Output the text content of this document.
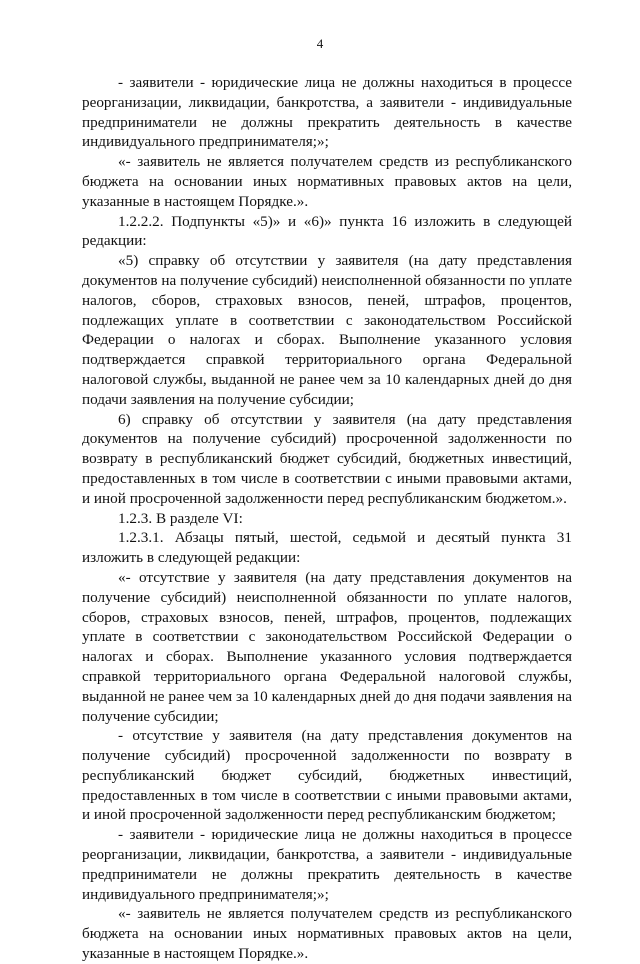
4

- заявители - юридические лица не должны находиться в процессе реорганизации, ликвидации, банкротства, а заявители - индивидуальные предприниматели не должны прекратить деятельность в качестве индивидуального предпринимателя;»;

«- заявитель не является получателем средств из республиканского бюджета на основании иных нормативных правовых актов на цели, указанные в настоящем Порядке.».

1.2.2.2. Подпункты «5)» и «6)» пункта 16 изложить в следующей редакции:

«5) справку об отсутствии у заявителя (на дату представления документов на получение субсидий) неисполненной обязанности по уплате налогов, сборов, страховых взносов, пеней, штрафов, процентов, подлежащих уплате в соответствии с законодательством Российской Федерации о налогах и сборах. Выполнение указанного условия подтверждается справкой территориального органа Федеральной налоговой службы, выданной не ранее чем за 10 календарных дней до дня подачи заявления на получение субсидии;

6) справку об отсутствии у заявителя (на дату представления документов на получение субсидий) просроченной задолженности по возврату в республиканский бюджет субсидий, бюджетных инвестиций, предоставленных в том числе в соответствии с иными правовыми актами, и иной просроченной задолженности перед республиканским бюджетом.».

1.2.3. В разделе VI:

1.2.3.1. Абзацы пятый, шестой, седьмой и десятый пункта 31 изложить в следующей редакции:

«- отсутствие у заявителя (на дату представления документов на получение субсидий) неисполненной обязанности по уплате налогов, сборов, страховых взносов, пеней, штрафов, процентов, подлежащих уплате в соответствии с законодательством Российской Федерации о налогах и сборах. Выполнение указанного условия подтверждается справкой территориального органа Федеральной налоговой службы, выданной не ранее чем за 10 календарных дней до дня подачи заявления на получение субсидии;

- отсутствие у заявителя (на дату представления документов на получение субсидий) просроченной задолженности по возврату в республиканский бюджет субсидий, бюджетных инвестиций, предоставленных в том числе в соответствии с иными правовыми актами, и иной просроченной задолженности перед республиканским бюджетом;

- заявители - юридические лица не должны находиться в процессе реорганизации, ликвидации, банкротства, а заявители - индивидуальные предприниматели не должны прекратить деятельность в качестве индивидуального предпринимателя;»;

«- заявитель не является получателем средств из республиканского бюджета на основании иных нормативных правовых актов на цели, указанные в настоящем Порядке.».
